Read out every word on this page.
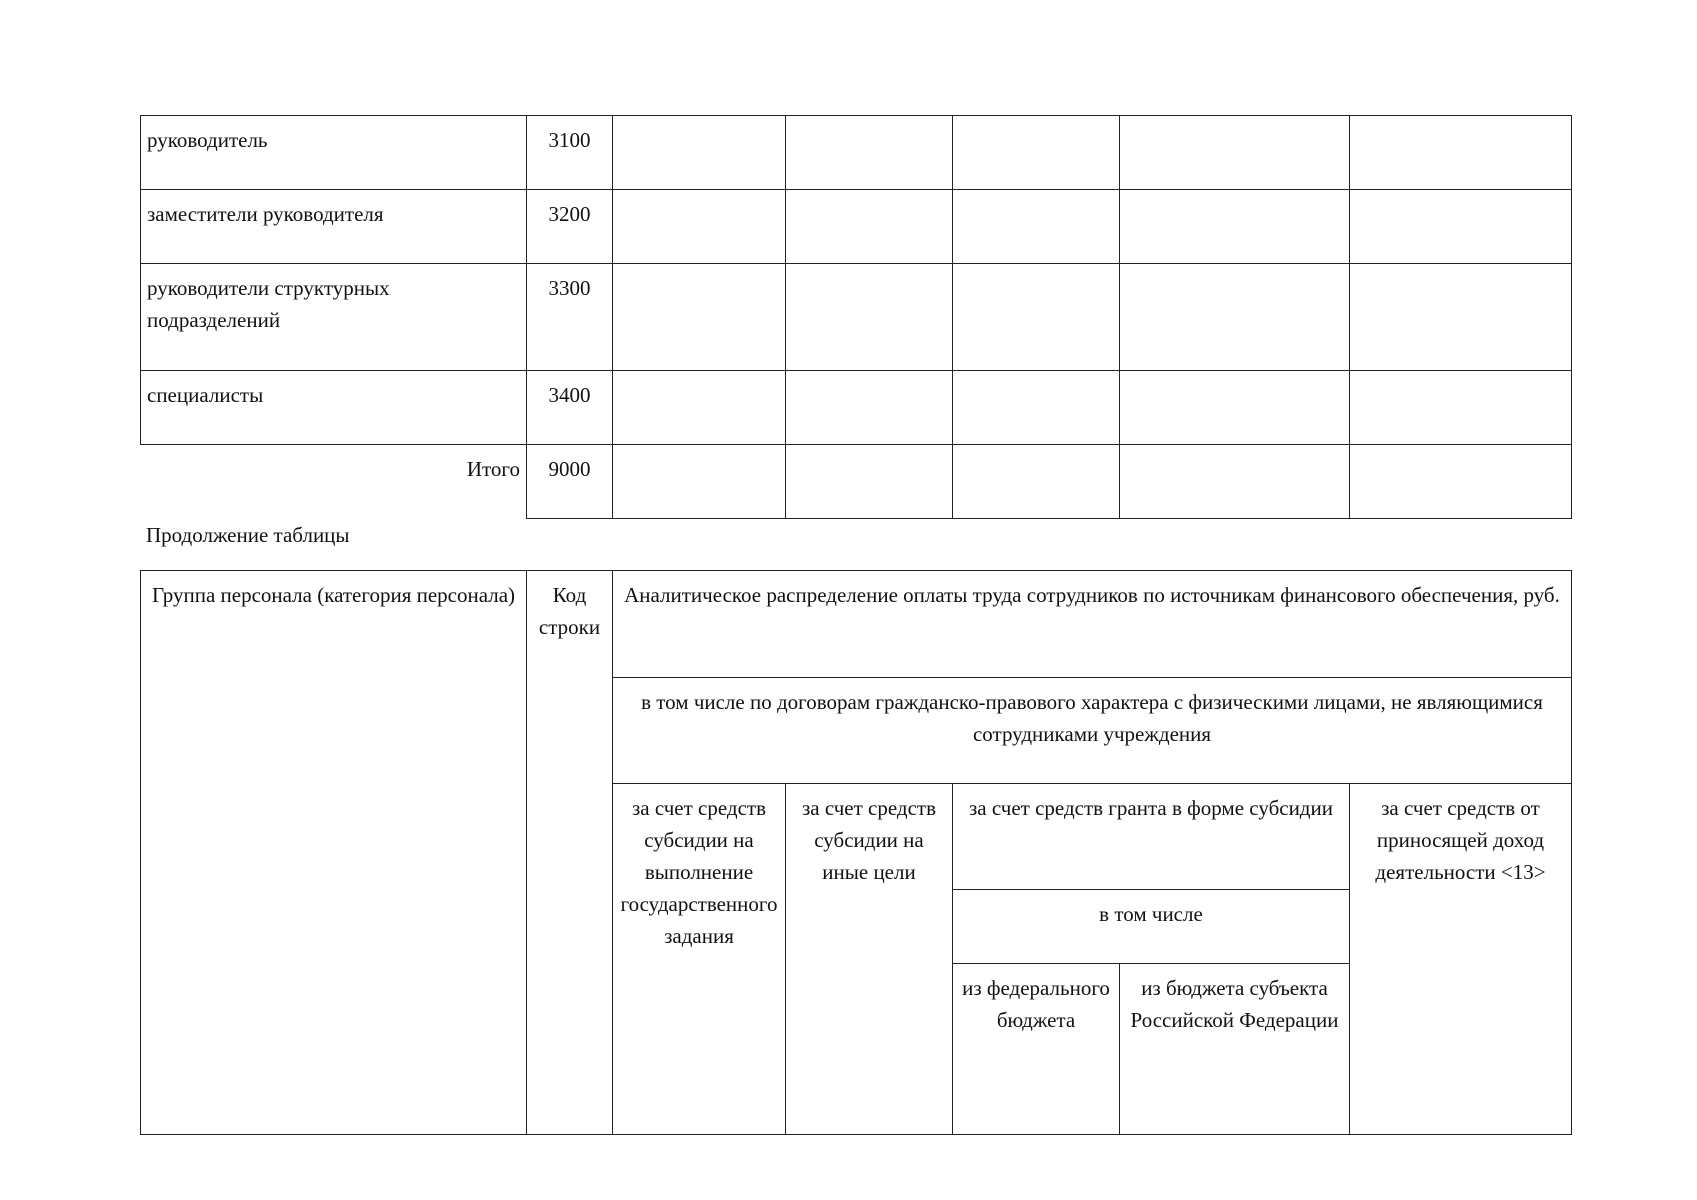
руководитель	3100					
заместители руководителя	3200					
руководители структурных подразделений	3300					
специалисты	3400					
Итого	9000					

Продолжение таблицы

Группа персонала (категория персонала)	Код строки	Аналитическое распределение оплаты труда сотрудников по источникам финансового обеспечения, руб.				
		в том числе по договорам гражданско-правового характера с физическими лицами, не являющимися сотрудниками учреждения				
		за счет средств субсидии на выполнение государственного задания	за счет средств субсидии на иные цели	за счет средств гранта в форме субсидии		за счет средств от приносящей доход деятельности <13>
				в том числе		
				из федерального бюджета	из бюджета субъекта Российской Федерации	
